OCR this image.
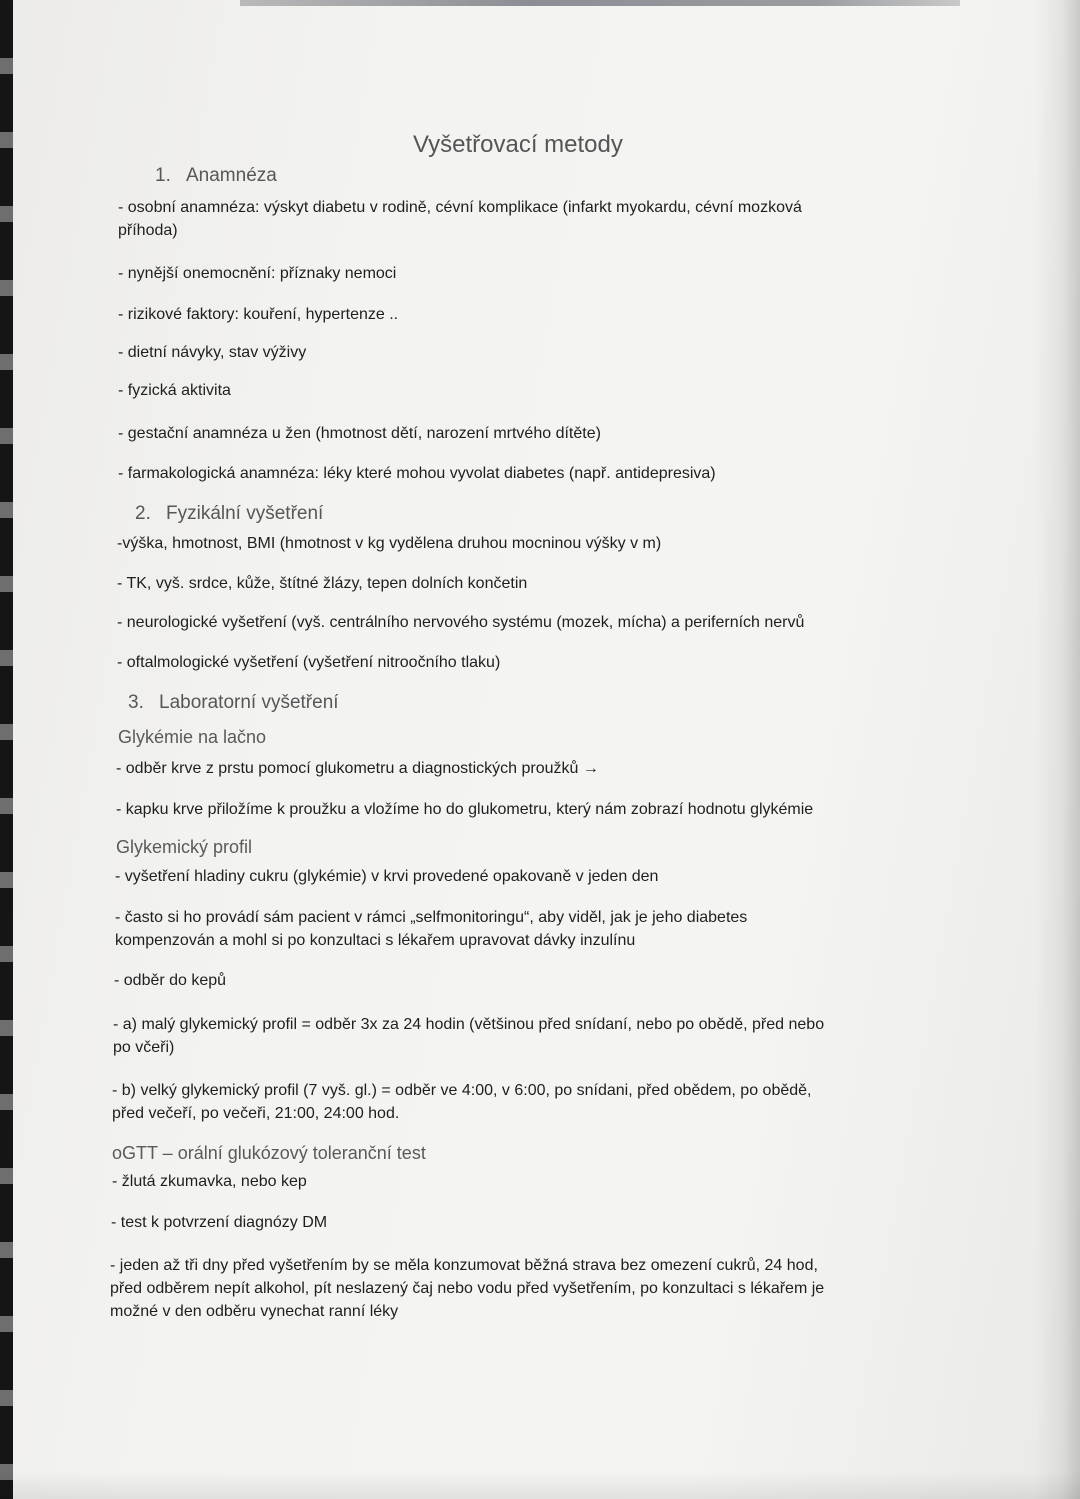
Vyšetřovací metody
1. Anamnéza
- osobní anamnéza: výskyt diabetu v rodině, cévní komplikace (infarkt myokardu, cévní mozková
příhoda)
- nynější onemocnění: příznaky nemoci
- rizikové faktory: kouření, hypertenze ..
- dietní návyky, stav výživy
- fyzická aktivita
- gestační anamnéza u žen (hmotnost dětí, narození mrtvého dítěte)
- farmakologická anamnéza: léky které mohou vyvolat diabetes (např. antidepresiva)
2. Fyzikální vyšetření
-výška, hmotnost, BMI (hmotnost v kg vydělena druhou mocninou výšky v m)
- TK, vyš. srdce, kůže, štítné žlázy, tepen dolních končetin
- neurologické vyšetření (vyš. centrálního nervového systému (mozek, mícha) a periferních nervů
- oftalmologické vyšetření (vyšetření nitroočního tlaku)
3. Laboratorní vyšetření
Glykémie na lačno
- odběr krve z prstu pomocí glukometru a diagnostických proužků →
- kapku krve přiložíme k proužku a vložíme ho do glukometru, který nám zobrazí hodnotu glykémie
Glykemický profil
- vyšetření hladiny cukru (glykémie) v krvi provedené opakovaně v jeden den
- často si ho provádí sám pacient v rámci „selfmonitoringu“, aby viděl, jak je jeho diabetes
kompenzován a mohl si po konzultaci s lékařem upravovat dávky inzulínu
- odběr do kepů
- a) malý glykemický profil = odběr 3x za 24 hodin (většinou před snídaní, nebo po obědě, před nebo
po včeři)
- b) velký glykemický profil (7 vyš. gl.) = odběr ve 4:00, v 6:00, po snídani, před obědem, po obědě,
před večeří, po večeři, 21:00, 24:00 hod.
oGTT – orální glukózový toleranční test
- žlutá zkumavka, nebo kep
- test k potvrzení diagnózy DM
- jeden až tři dny před vyšetřením by se měla konzumovat běžná strava bez omezení cukrů, 24 hod,
před odběrem nepít alkohol, pít neslazený čaj nebo vodu před vyšetřením, po konzultaci s lékařem je
možné v den odběru vynechat ranní léky
